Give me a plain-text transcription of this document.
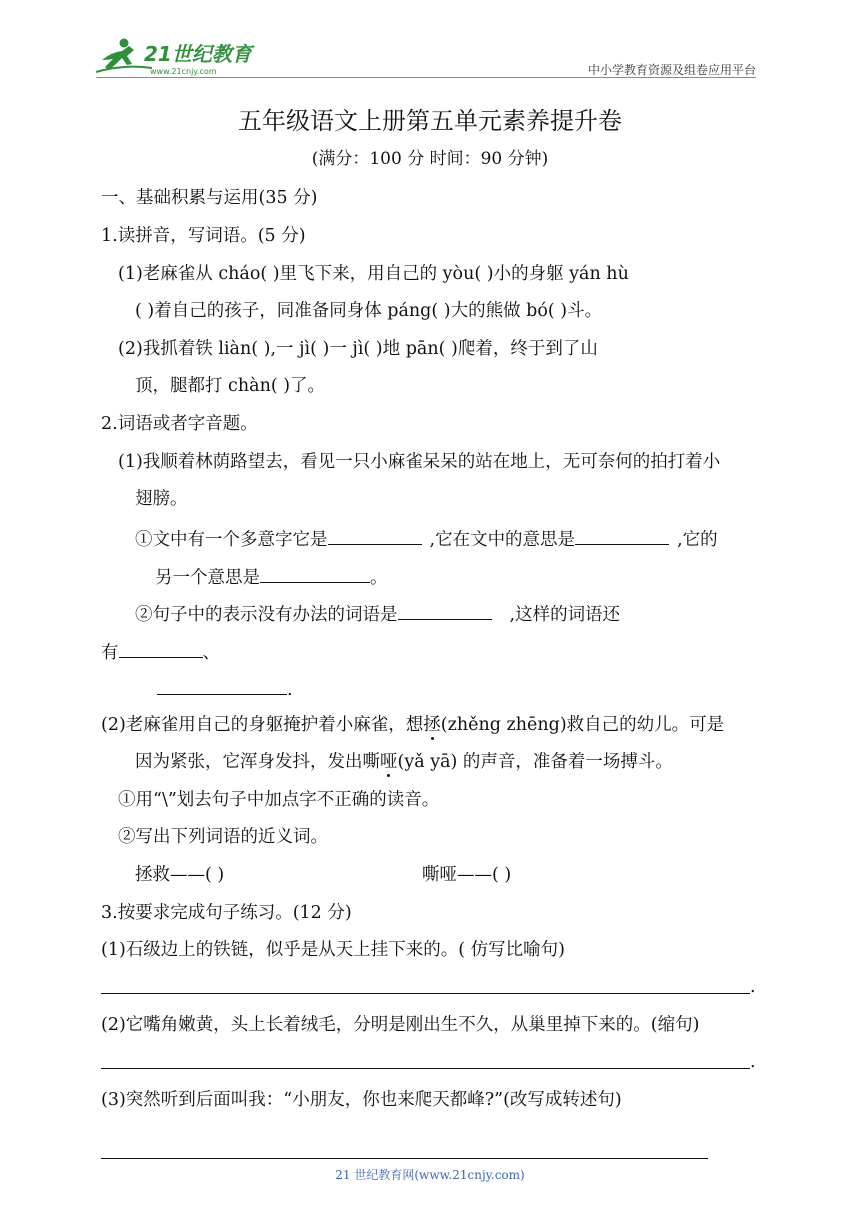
21世纪教育
www.21cnjy.com	中小学教育资源及组卷应用平台
五年级语文上册第五单元素养提升卷
(满分：100 分 时间：90 分钟)
一、基础积累与运用(35 分)
1.读拼音，写词语。(5 分)
(1)老麻雀从 cháo( )里飞下来，用自己的 yòu( )小的身躯 yán hù
( )着自己的孩子，同准备同身体 páng( )大的熊做 bó( )斗。
(2)我抓着铁 liàn( ),一 jì( )一 jì( )地 pān( )爬着，终于到了山
顶，腿都打 chàn( )了。
2.词语或者字音题。
(1)我顺着林荫路望去，看见一只小麻雀呆呆的站在地上，无可奈何的拍打着小
翅膀。
①文中有一个多意字它是	,它在文中的意思是	,它的
另一个意思是	。
②句子中的表示没有办法的词语是	,这样的词语还
有	、
.
(2)老麻雀用自己的身躯掩护着小麻雀，想拯(zhěng zhēng)救自己的幼儿。可是
因为紧张，它浑身发抖，发出嘶哑(yǎ yā) 的声音，准备着一场搏斗。
①用“\”划去句子中加点字不正确的读音。
②写出下列词语的近义词。
拯救——( )	嘶哑——( )
3.按要求完成句子练习。(12 分)
(1)石级边上的铁链，似乎是从天上挂下来的。( 仿写比喻句)
.
(2)它嘴角嫩黄，头上长着绒毛，分明是刚出生不久，从巢里掉下来的。(缩句)
.
(3)突然听到后面叫我：“小朋友，你也来爬天都峰?”(改写成转述句)
21 世纪教育网(www.21cnjy.com)
